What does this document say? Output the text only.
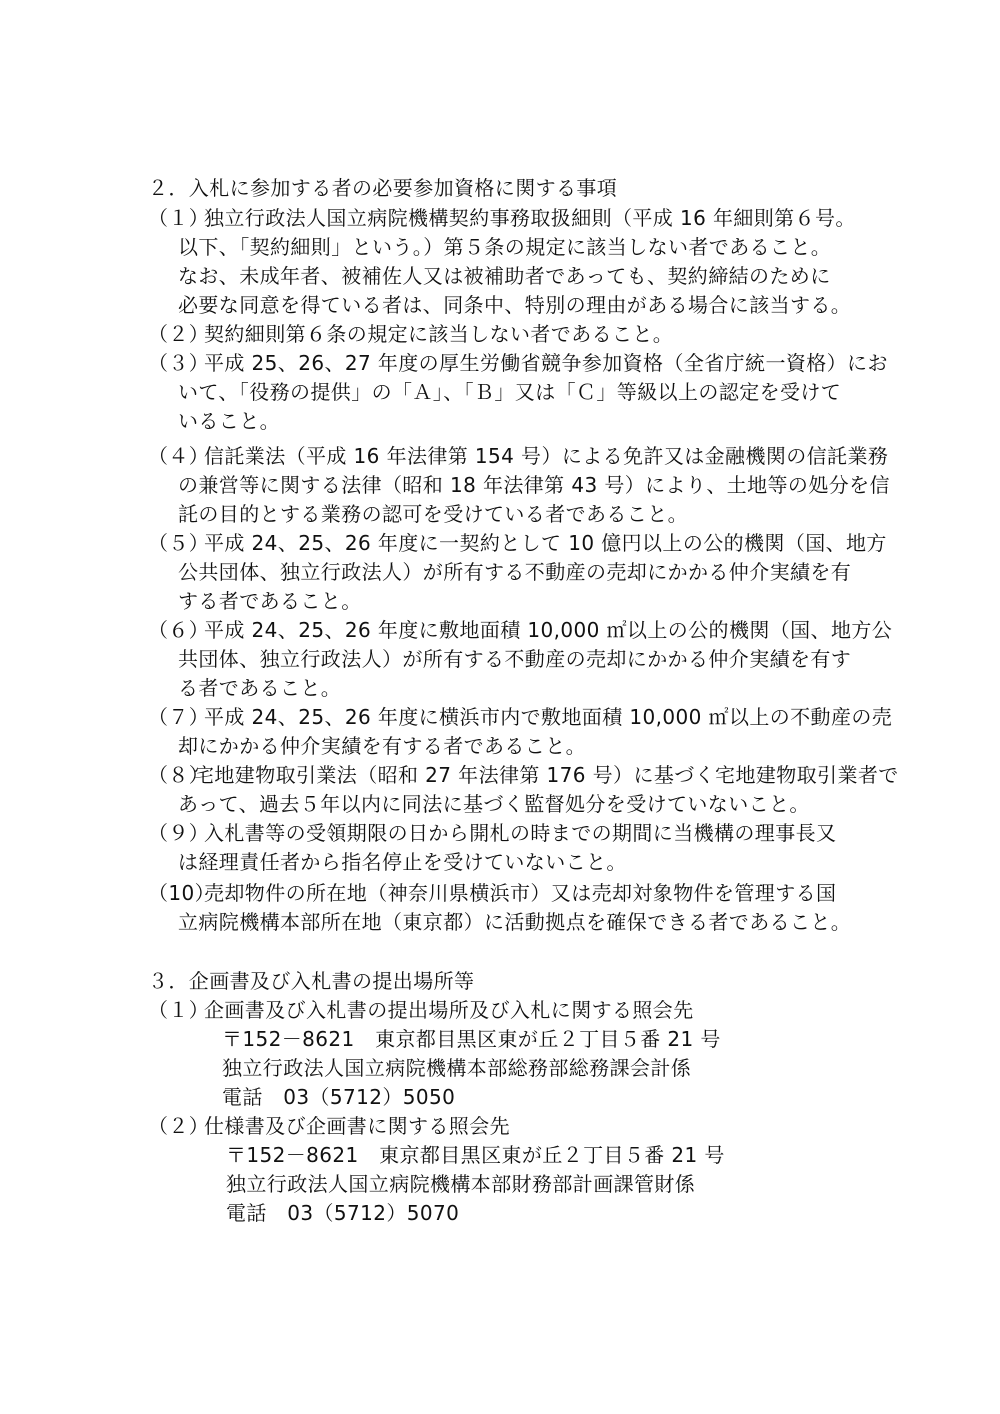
２．入札に参加する者の必要参加資格に関する事項
（１）
独立行政法人国立病院機構契約事務取扱細則（平成 16 年細則第６号。
以下、「契約細則」という。）第５条の規定に該当しない者であること。
なお、未成年者、被補佐人又は被補助者であっても、契約締結のために
必要な同意を得ている者は、同条中、特別の理由がある場合に該当する。
（２）
契約細則第６条の規定に該当しない者であること。
（３）
平成 25、26、27 年度の厚生労働省競争参加資格（全省庁統一資格）にお
いて、「役務の提供」の「Ａ」、「Ｂ」又は「Ｃ」等級以上の認定を受けて
いること。
（４）
信託業法（平成 16 年法律第 154 号）による免許又は金融機関の信託業務
の兼営等に関する法律（昭和 18 年法律第 43 号）により、土地等の処分を信
託の目的とする業務の認可を受けている者であること。
（５）
平成 24、25、26 年度に一契約として 10 億円以上の公的機関（国、地方
公共団体、独立行政法人）が所有する不動産の売却にかかる仲介実績を有
する者であること。
（６）
平成 24、25、26 年度に敷地面積 10,000 ㎡以上の公的機関（国、地方公
共団体、独立行政法人）が所有する不動産の売却にかかる仲介実績を有す
る者であること。
（７）
平成 24、25、26 年度に横浜市内で敷地面積 10,000 ㎡以上の不動産の売
却にかかる仲介実績を有する者であること。
（８）
宅地建物取引業法（昭和 27 年法律第 176 号）に基づく宅地建物取引業者で
あって、過去５年以内に同法に基づく監督処分を受けていないこと。
（９）
入札書等の受領期限の日から開札の時までの期間に当機構の理事長又
は経理責任者から指名停止を受けていないこと。
（10）
売却物件の所在地（神奈川県横浜市）又は売却対象物件を管理する国
立病院機構本部所在地（東京都）に活動拠点を確保できる者であること。
３．企画書及び入札書の提出場所等
（１）
企画書及び入札書の提出場所及び入札に関する照会先
〒152－8621　東京都目黒区東が丘２丁目５番 21 号
独立行政法人国立病院機構本部総務部総務課会計係
電話　03（5712）5050
（２）
仕様書及び企画書に関する照会先
〒152－8621　東京都目黒区東が丘２丁目５番 21 号
独立行政法人国立病院機構本部財務部計画課管財係
電話　03（5712）5070
